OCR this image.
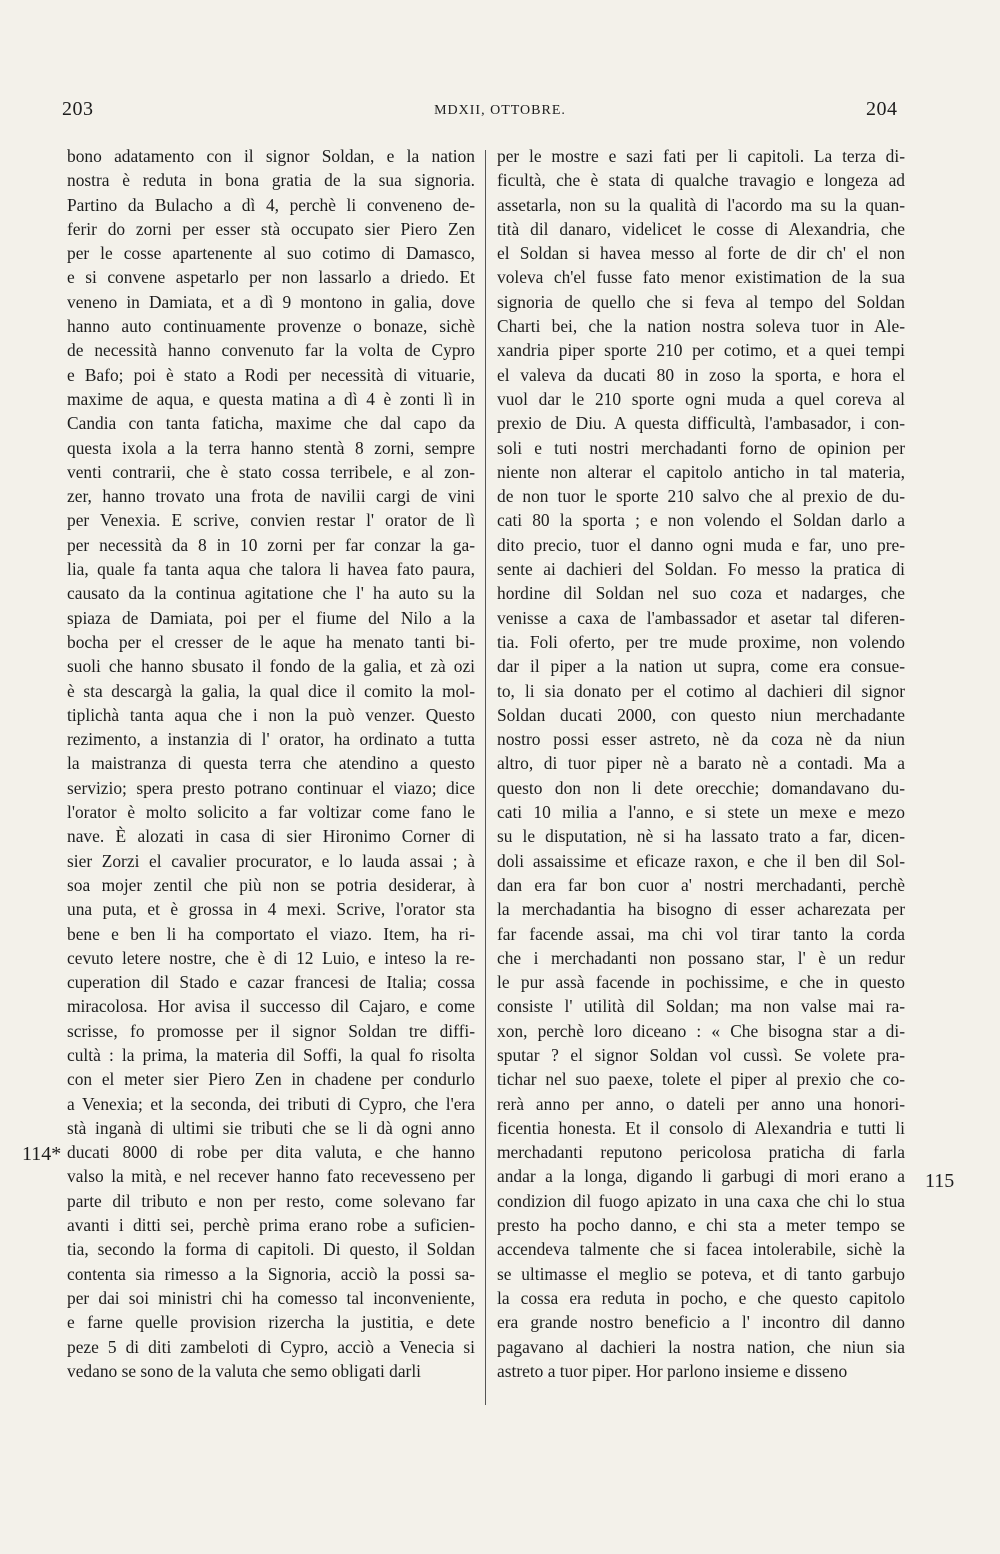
203	MDXII, OTTOBRE.	204
bono adatamento con il signor Soldan, e la nation
nostra è reduta in bona gratia de la sua signoria.
Partino da Bulacho a dì 4, perchè li conveneno de-
ferir do zorni per esser stà occupato sier Piero Zen
per le cosse apartenente al suo cotimo di Damasco,
e si convene aspetarlo per non lassarlo a driedo. Et
veneno in Damiata, et a dì 9 montono in galia, dove
hanno auto continuamente provenze o bonaze, sichè
de necessità hanno convenuto far la volta de Cypro
e Bafo; poi è stato a Rodi per necessità di vituarie,
maxime de aqua, e questa matina a dì 4 è zonti lì in
Candia con tanta faticha, maxime che dal capo da
questa ixola a la terra hanno stentà 8 zorni, sempre
venti contrarii, che è stato cossa terribele, e al zon-
zer, hanno trovato una frota de navilii cargi de vini
per Venexia. E scrive, convien restar l' orator de lì
per necessità da 8 in 10 zorni per far conzar la ga-
lia, quale fa tanta aqua che talora li havea fato paura,
causato da la continua agitatione che l' ha auto su la
spiaza de Damiata, poi per el fiume del Nilo a la
bocha per el cresser de le aque ha menato tanti bi-
suoli che hanno sbusato il fondo de la galia, et zà ozi
è sta descargà la galia, la qual dice il comito la mol-
tiplichà tanta aqua che i non la può venzer. Questo
rezimento, a instanzia di l' orator, ha ordinato a tutta
la maistranza di questa terra che atendino a questo
servizio; spera presto potrano continuar el viazo; dice
l'orator è molto solicito a far voltizar come fano le
nave. È alozati in casa di sier Hironimo Corner di
sier Zorzi el cavalier procurator, e lo lauda assai ; à
soa mojer zentil che più non se potria desiderar, à
una puta, et è grossa in 4 mexi. Scrive, l'orator sta
bene e ben li ha comportato el viazo. Item, ha ri-
cevuto letere nostre, che è di 12 Luio, e inteso la re-
cuperation dil Stado e cazar francesi de Italia; cossa
miracolosa. Hor avisa il successo dil Cajaro, e come
scrisse, fo promosse per il signor Soldan tre diffi-
cultà : la prima, la materia dil Soffi, la qual fo risolta
con el meter sier Piero Zen in chadene per condurlo
a Venexia; et la seconda, dei tributi di Cypro, che l'era
stà inganà di ultimi sie tributi che se li dà ogni anno
ducati 8000 di robe per dita valuta, e che hanno
valso la mità, e nel recever hanno fato recevesseno per
parte dil tributo e non per resto, come solevano far
avanti i ditti sei, perchè prima erano robe a suficien-
tia, secondo la forma di capitoli. Di questo, il Soldan
contenta sia rimesso a la Signoria, acciò la possi sa-
per dai soi ministri chi ha comesso tal inconveniente,
e farne quelle provision rizercha la justitia, e dete
peze 5 di diti zambeloti di Cypro, acciò a Venecia si
vedano se sono de la valuta che semo obligati darli
per le mostre e sazi fati per li capitoli. La terza di-
ficultà, che è stata di qualche travagio e longeza ad
assetarla, non su la qualità di l'acordo ma su la quan-
tità dil danaro, videlicet le cosse di Alexandria, che
el Soldan si havea messo al forte de dir ch' el non
voleva ch'el fusse fato menor existimation de la sua
signoria de quello che si feva al tempo del Soldan
Charti bei, che la nation nostra soleva tuor in Ale-
xandria piper sporte 210 per cotimo, et a quei tempi
el valeva da ducati 80 in zoso la sporta, e hora el
vuol dar le 210 sporte ogni muda a quel coreva al
prexio de Diu. A questa difficultà, l'ambasador, i con-
soli e tuti nostri merchadanti forno de opinion per
niente non alterar el capitolo anticho in tal materia,
de non tuor le sporte 210 salvo che al prexio de du-
cati 80 la sporta ; e non volendo el Soldan darlo a
dito precio, tuor el danno ogni muda e far, uno pre-
sente ai dachieri del Soldan. Fo messo la pratica di
hordine dil Soldan nel suo coza et nadarges, che
venisse a caxa de l'ambassador et asetar tal diferen-
tia. Foli oferto, per tre mude proxime, non volendo
dar il piper a la nation ut supra, come era consue-
to, li sia donato per el cotimo al dachieri dil signor
Soldan ducati 2000, con questo niun merchadante
nostro possi esser astreto, nè da coza nè da niun
altro, di tuor piper nè a barato nè a contadi. Ma a
questo don non li dete orecchie; domandavano du-
cati 10 milia a l'anno, e si stete un mexe e mezo
su le disputation, nè si ha lassato trato a far, dicen-
doli assaissime et eficaze raxon, e che il ben dil Sol-
dan era far bon cuor a' nostri merchadanti, perchè
la merchadantia ha bisogno di esser acharezata per
far facende assai, ma chi vol tirar tanto la corda
che i merchadanti non possano star, l' è un redur
le pur assà facende in pochissime, e che in questo
consiste l' utilità dil Soldan; ma non valse mai ra-
xon, perchè loro diceano : « Che bisogna star a di-
sputar ? el signor Soldan vol cussì. Se volete pra-
tichar nel suo paexe, tolete el piper al prexio che co-
rerà anno per anno, o dateli per anno una honori-
ficentia honesta. Et il consolo di Alexandria e tutti li
merchadanti reputono pericolosa praticha di farla
andar a la longa, digando li garbugi di mori erano a
condizion dil fuogo apizato in una caxa che chi lo stua
presto ha pocho danno, e chi sta a meter tempo se
accendeva talmente che si facea intolerabile, sichè la
se ultimasse el meglio se poteva, et di tanto garbujo
la cossa era reduta in pocho, e che questo capitolo
era grande nostro beneficio a l' incontro dil danno
pagavano al dachieri la nostra nation, che niun sia
astreto a tuor piper. Hor parlono insieme e disseno
114*
115
